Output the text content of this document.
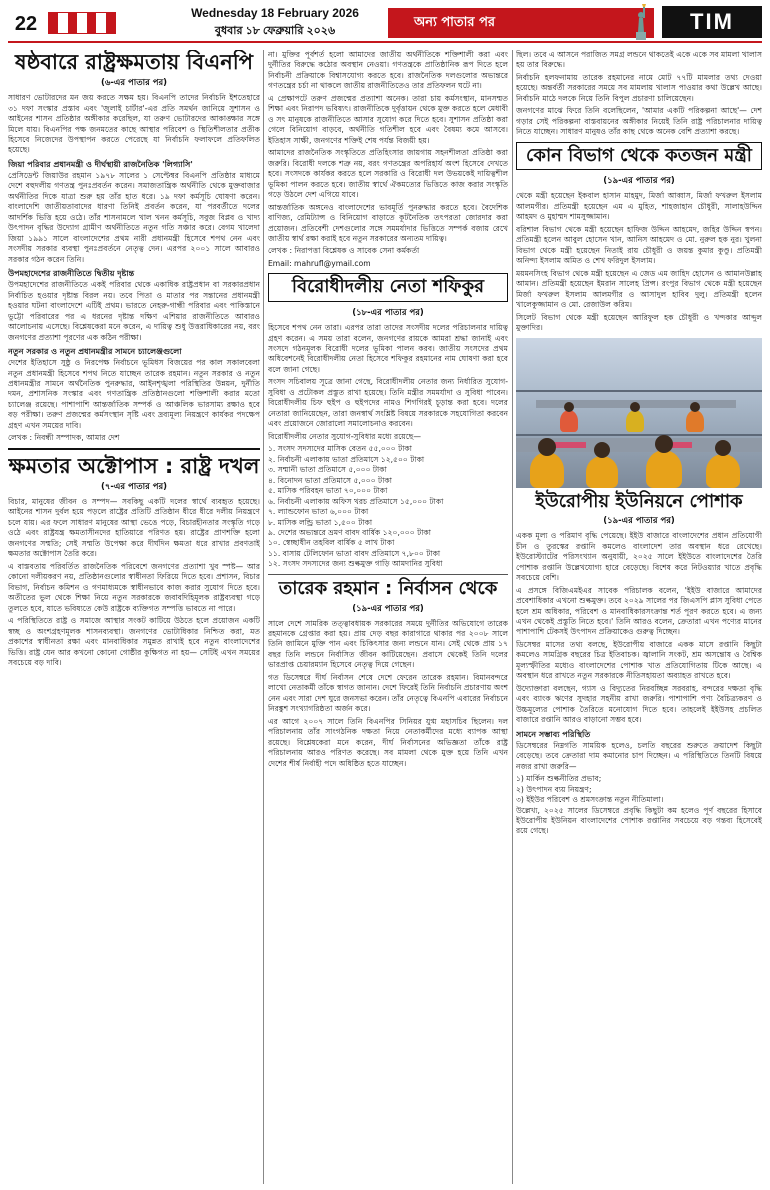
22	Wednesday 18 February 2026
বুধবার ১৮ ফেব্রুয়ারি ২০২৬
অন্য পাতার পর	TIM
ষষ্ঠবারে রাষ্ট্রক্ষমতায় বিএনপি
(৬-এর পাতার পর)

সাধারণ ভোটারদের মন জয় করতে সক্ষম হয়। বিএনপি তাদের নির্বাচনি ইশতেহারে ৩১ দফা সংস্কার প্রস্তাব এবং 'জুলাই চার্টার'-এর প্রতি সমর্থন জানিয়ে সুশাসন ও আইনের শাসন প্রতিষ্ঠার অঙ্গীকার করেছিল, যা তরুণ ভোটারদের আকাঙ্ক্ষার সঙ্গে মিলে যায়। বিএনপির পক্ষ জনমতের কাছে আস্থার পরিবেশ ও স্থিতিশীলতার প্রতীক হিসেবে নিজেদের উপস্থাপন করতে পেরেছে যা নির্বাচনি ফলাফলে প্রতিফলিত হয়েছে।

জিয়া পরিবার প্রধানমন্ত্রী ও দীর্ঘস্থায়ী রাজনৈতিক 'লিগ্যাসি'

প্রেসিডেন্ট জিয়াউর রহমান ১৯৭৮ সালের ১ সেপ্টেম্বর বিএনপি প্রতিষ্ঠার মাধ্যমে দেশে বহুদলীয় গণতন্ত্র পুনঃপ্রবর্তন করেন। সমাজতান্ত্রিক অর্থনীতি থেকে মুক্তবাজার অর্থনীতির দিকে যাত্রা শুরু হয় তাঁর হাত ধরে। ১৯ দফা কর্মসূচি ঘোষণা করেন। বাংলাদেশি জাতীয়তাবাদের ধারণা তিনিই প্রবর্তন করেন, যা পরবর্তীতে দলের আদর্শিক ভিত্তি হয়ে ওঠে। তাঁর শাসনামলে খাল খনন কর্মসূচি, সবুজ বিপ্লব ও খাদ্য উৎপাদন বৃদ্ধির উদ্যোগ গ্রামীণ অর্থনীতিতে নতুন গতি সঞ্চার করে। বেগম খালেদা জিয়া ১৯৯১ সালে বাংলাদেশের প্রথম নারী প্রধানমন্ত্রী হিসেবে শপথ নেন এবং সংসদীয় সরকার ব্যবস্থা পুনঃপ্রবর্তনে নেতৃত্ব দেন। এরপর ২০০১ সালে আবারও সরকার গঠন করেন তিনি।

উপমহাদেশের রাজনীতিতে দ্বিতীয় দৃষ্টান্ত

উপমহাদেশের রাজনীতিতে একই পরিবার থেকে একাধিক রাষ্ট্রপ্রধান বা সরকারপ্রধান নির্বাচিত হওয়ার দৃষ্টান্ত বিরল নয়। তবে পিতা ও মাতার পর সন্তানের প্রধানমন্ত্রী হওয়ার ঘটনা বাংলাদেশে এটিই প্রথম। ভারতে নেহরু-গান্ধী পরিবার এবং পাকিস্তানে ভুট্টো পরিবারের পর এ ধরনের দৃষ্টান্ত দক্ষিণ এশিয়ার রাজনীতিতে আবারও আলোচনায় এসেছে। বিশ্লেষকেরা মনে করেন, এ দায়িত্ব শুধু উত্তরাধিকারের নয়, বরং জনগণের প্রত্যাশা পূরণের এক কঠিন পরীক্ষা।

নতুন সরকার ও নতুন প্রধানমন্ত্রীর সামনে চ্যালেঞ্জগুলো

দেশের ইতিহাসে সুষ্ঠু ও নিরপেক্ষ নির্বাচনে ভূমিধস বিজয়ের পর কাল সকালবেলা নতুন প্রধানমন্ত্রী হিসেবে শপথ নিতে যাচ্ছেন তারেক রহমান। নতুন সরকার ও নতুন প্রধানমন্ত্রীর সামনে অর্থনৈতিক পুনরুদ্ধার, আইনশৃঙ্খলা পরিস্থিতির উন্নয়ন, দুর্নীতি দমন, প্রশাসনিক সংস্কার এবং গণতান্ত্রিক প্রতিষ্ঠানগুলো শক্তিশালী করার মতো চ্যালেঞ্জ রয়েছে। পাশাপাশি আন্তর্জাতিক সম্পর্ক ও আঞ্চলিক ভারসাম্য রক্ষাও হবে বড় পরীক্ষা। তরুণ প্রজন্মের কর্মসংস্থান সৃষ্টি এবং দ্রব্যমূল্য নিয়ন্ত্রণে কার্যকর পদক্ষেপ গ্রহণ এখন সময়ের দাবি।

লেখক : নিবন্ধী সম্পাদক, আমার দেশ

ক্ষমতার অক্টোপাস : রাষ্ট্র দখল
(৭-এর পাতার পর)

বিচার, মানুষের জীবন ও সম্পদ— সবকিছু একটি দলের স্বার্থে ব্যবহৃত হয়েছে। আইনের শাসন দুর্বল হয়ে পড়লে রাষ্ট্রের প্রতিটি প্রতিষ্ঠান ধীরে ধীরে দলীয় নিয়ন্ত্রণে চলে যায়। এর ফলে সাধারণ মানুষের আস্থা ভেঙে পড়ে, বিচারহীনতার সংস্কৃতি গড়ে ওঠে এবং রাষ্ট্রযন্ত্র ক্ষমতাসীনদের হাতিয়ারে পরিণত হয়। রাষ্ট্রের প্রাণশক্তি হলো জনগণের সম্মতি; সেই সম্মতি উপেক্ষা করে দীর্ঘদিন ক্ষমতা ধরে রাখার প্রবণতাই ক্ষমতার অক্টোপাস তৈরি করে।

এ বাস্তবতায় পরিবর্তিত রাজনৈতিক পরিবেশে জনগণের প্রত্যাশা খুব স্পষ্ট— আর কোনো দলীয়করণ নয়, প্রতিষ্ঠানগুলোর স্বাধীনতা ফিরিয়ে দিতে হবে। প্রশাসন, বিচার বিভাগ, নির্বাচন কমিশন ও গণমাধ্যমকে স্বাধীনভাবে কাজ করার সুযোগ দিতে হবে। অতীতের ভুল থেকে শিক্ষা নিয়ে নতুন সরকারকে জবাবদিহিমূলক রাষ্ট্রব্যবস্থা গড়ে তুলতে হবে, যাতে ভবিষ্যতে কেউ রাষ্ট্রকে ব্যক্তিগত সম্পত্তি ভাবতে না পারে।

এ পরিস্থিতিতে রাষ্ট্র ও সমাজে আস্থার সংকট কাটিয়ে উঠতে হলে প্রয়োজন একটি স্বচ্ছ ও অংশগ্রহণমূলক শাসনব্যবস্থা। জনগণের ভোটাধিকার নিশ্চিত করা, মত প্রকাশের স্বাধীনতা রক্ষা এবং মানবাধিকার সমুন্নত রাখাই হবে নতুন বাংলাদেশের ভিত্তি। রাষ্ট্র যেন আর কখনো কোনো গোষ্ঠীর কুক্ষিগত না হয়— সেটিই এখন সময়ের সবচেয়ে বড় দাবি।

না। মুক্তির পূর্বশর্ত হলো আমাদের জাতীয় অর্থনীতিকে শক্তিশালী করা এবং দুর্নীতির বিরুদ্ধে কঠোর অবস্থান নেওয়া। গণতন্ত্রকে প্রাতিষ্ঠানিক রূপ দিতে হলে নির্বাচনী প্রক্রিয়াকে বিশ্বাসযোগ্য করতে হবে। রাজনৈতিক দলগুলোর অভ্যন্তরে গণতন্ত্রের চর্চা না থাকলে জাতীয় রাজনীতিতেও তার প্রতিফলন ঘটে না।

এ প্রেক্ষাপটে তরুণ প্রজন্মের প্রত্যাশা অনেক। তারা চায় কর্মসংস্থান, মানসম্মত শিক্ষা এবং নিরাপদ ভবিষ্যৎ। রাজনীতিকে দুর্বৃত্তায়ন থেকে মুক্ত করতে হলে মেধাবী ও সৎ মানুষকে রাজনীতিতে আসার সুযোগ করে দিতে হবে। সুশাসন প্রতিষ্ঠা করা গেলে বিনিয়োগ বাড়বে, অর্থনীতি গতিশীল হবে এবং বৈষম্য কমে আসবে। ইতিহাস সাক্ষী, জনগণের শক্তিই শেষ পর্যন্ত বিজয়ী হয়।

আমাদের রাজনৈতিক সংস্কৃতিতে প্রতিহিংসার জায়গায় সহনশীলতা প্রতিষ্ঠা করা জরুরি। বিরোধী দলকে শত্রু নয়, বরং গণতন্ত্রের অপরিহার্য অংশ হিসেবে দেখতে হবে। সংসদকে কার্যকর করতে হলে সরকারি ও বিরোধী দল উভয়কেই দায়িত্বশীল ভূমিকা পালন করতে হবে। জাতীয় স্বার্থে ঐকমত্যের ভিত্তিতে কাজ করার সংস্কৃতি গড়ে উঠলে দেশ এগিয়ে যাবে।

আন্তর্জাতিক অঙ্গনেও বাংলাদেশের ভাবমূর্তি পুনরুদ্ধার করতে হবে। বৈদেশিক বাণিজ্য, রেমিট্যান্স ও বিনিয়োগ বাড়াতে কূটনৈতিক তৎপরতা জোরদার করা প্রয়োজন। প্রতিবেশী দেশগুলোর সঙ্গে সমমর্যাদার ভিত্তিতে সম্পর্ক বজায় রেখে জাতীয় স্বার্থ রক্ষা করাই হবে নতুন সরকারের অন্যতম দায়িত্ব।

লেখক : নিরাপত্তা বিশ্লেষক ও সাবেক সেনা কর্মকর্তা

Email: mahrufl@ymail.com
বিরোধীদলীয় নেতা শফিকুর
(১৮-এর পাতার পর)

হিসেবে শপথ নেন তারা। এরপর তারা তাদের সংসদীয় দলের পরিচালনার দায়িত্ব গ্রহণ করেন। এ সময় তারা বলেন, জনগণের রায়কে আমরা শ্রদ্ধা জানাই এবং সংসদে গঠনমূলক বিরোধী দলের ভূমিকা পালন করব। জাতীয় সংসদের প্রথম অধিবেশনেই বিরোধীদলীয় নেতা হিসেবে শফিকুর রহমানের নাম ঘোষণা করা হবে বলে জানা গেছে।

সংসদ সচিবালয় সূত্রে জানা গেছে, বিরোধীদলীয় নেতার জন্য নির্ধারিত সুযোগ-সুবিধা ও প্রটোকল প্রস্তুত রাখা হয়েছে। তিনি মন্ত্রীর সমমর্যাদা ও সুবিধা পাবেন। বিরোধীদলীয় চিফ হুইপ ও হুইপদের নামও শিগগিরই চূড়ান্ত করা হবে। দলের নেতারা জানিয়েছেন, তারা জনস্বার্থ সংশ্লিষ্ট বিষয়ে সরকারকে সহযোগিতা করবেন এবং প্রয়োজনে জোরালো সমালোচনাও করবেন।

বিরোধীদলীয় নেতার সুযোগ-সুবিধার মধ্যে রয়েছে—

১. সংসদ সদস্যদের মাসিক বেতন ৫৫,০০০ টাকা
২. নির্বাচনী এলাকায় ভাতা প্রতিমাসে ১২,৫০০ টাকা
৩. সম্মানী ভাতা প্রতিমাসে ৫,০০০ টাকা
৪. বিনোদন ভাতা প্রতিমাসে ৫,০০০ টাকা
৫. মাসিক পরিবহন ভাতা ৭০,০০০ টাকা
৬. নির্বাচনী এলাকায় অফিস খরচ প্রতিমাসে ১৫,০০০ টাকা
৭. ল্যান্ডফোন ভাতা ৬,০০০ টাকা
৮. মাসিক লন্ড্রি ভাতা ১,৫০০ টাকা
৯. দেশের অভ্যন্তরে ভ্রমণ বাবদ বার্ষিক ১২০,০০০ টাকা
১০. স্বেচ্ছাধীন তহবিল বার্ষিক ৫ লাখ টাকা
১১. বাসায় টেলিফোন ভাতা বাবদ প্রতিমাসে ৭,৮০০ টাকা
১২. সংসদ সদস্যদের জন্য শুল্কমুক্ত গাড়ি আমদানির সুবিধা
তারেক রহমান : নির্বাসন থেকে
(১৯-এর পাতার পর)

সালে দেশে সামরিক তত্ত্বাবধায়ক সরকারের সময়ে দুর্নীতির অভিযোগে তারেক রহমানকে গ্রেপ্তার করা হয়। প্রায় দেড় বছর কারাগারে থাকার পর ২০০৮ সালে তিনি জামিনে মুক্তি পান এবং চিকিৎসার জন্য লন্ডনে যান। সেই থেকে প্রায় ১৭ বছর তিনি লন্ডনে নির্বাসিত জীবন কাটিয়েছেন। প্রবাসে থেকেই তিনি দলের ভারপ্রাপ্ত চেয়ারম্যান হিসেবে নেতৃত্ব দিয়ে গেছেন।

গত ডিসেম্বরে দীর্ঘ নির্বাসন শেষে দেশে ফেরেন তারেক রহমান। বিমানবন্দরে লাখো নেতাকর্মী তাঁকে স্বাগত জানান। দেশে ফিরেই তিনি নির্বাচনি প্রচারণায় অংশ নেন এবং সারা দেশ ঘুরে জনসভা করেন। তাঁর নেতৃত্বে বিএনপি এবারের নির্বাচনে নিরঙ্কুশ সংখ্যাগরিষ্ঠতা অর্জন করে।

এর আগে ২০০৭ সালে তিনি বিএনপির সিনিয়র যুগ্ম মহাসচিব ছিলেন। দল পরিচালনায় তাঁর সাংগঠনিক দক্ষতা নিয়ে নেতাকর্মীদের মধ্যে ব্যাপক আস্থা রয়েছে। বিশ্লেষকেরা মনে করেন, দীর্ঘ নির্বাসনের অভিজ্ঞতা তাঁকে রাষ্ট্র পরিচালনায় আরও পরিণত করেছে। সব মামলা থেকে মুক্ত হয়ে তিনি এখন দেশের শীর্ষ নির্বাহী পদে অধিষ্ঠিত হতে যাচ্ছেন।

ছিল। তবে এ আসনে পরাজিত সমগ্র লন্ডনে থাকতেই একে একে সব মামলা খালাস হয় তার বিরুদ্ধে।

নির্বাচনি হলফনামায় তারেক রহমানের নামে মোট ৭৭টি মামলার তথ্য দেওয়া হয়েছে। অন্তর্বর্তী সরকারের সময়ে সব মামলায় খালাস পাওয়ার কথা উল্লেখ আছে। নির্বাচনি মাঠে দলকে নিয়ে তিনি বিপুল প্রচারণা চালিয়েছেন।

জনগণের মাঝে ফিরে তিনি বলেছিলেন, 'আমার একটি পরিকল্পনা আছে'— দেশ গড়ার সেই পরিকল্পনা বাস্তবায়নের অঙ্গীকার নিয়েই তিনি রাষ্ট্র পরিচালনার দায়িত্ব নিতে যাচ্ছেন। সাধারণ মানুষও তাঁর কাছ থেকে অনেক বেশি প্রত্যাশা করছে।

কোন বিভাগ থেকে কতজন মন্ত্রী
(১৯-এর পাতার পর)

থেকে মন্ত্রী হয়েছেন ইকবাল হাসান মাহমুদ, মির্জা আব্বাস, মির্জা ফখরুল ইসলাম আলমগীর। প্রতিমন্ত্রী হয়েছেন এম এ মুহিত, শাহজাহান চৌধুরী, সালাহউদ্দিন আহমদ ও মুহাম্মদ শামসুজ্জামান।

বরিশাল বিভাগ থেকে মন্ত্রী হয়েছেন হাফিজ উদ্দিন আহমেদ, জহির উদ্দিন স্বপন। প্রতিমন্ত্রী হলেন আবুল হোসেন খান, আনিস আহমেদ ও মো. নুরুল হক নুর। খুলনা বিভাগ থেকে মন্ত্রী হয়েছেন নিতাই রায় চৌধুরী ও জয়ন্ত কুমার কুণ্ডু। প্রতিমন্ত্রী অনিন্দ্য ইসলাম অমিত ও শেখ ফরিদুল ইসলাম।

ময়মনসিংহ বিভাগ থেকে মন্ত্রী হয়েছেন এ জেড এম জাহিদ হোসেন ও আমানউল্লাহ আমান। প্রতিমন্ত্রী হয়েছেন ইমরান সালেহ প্রিন্স। রংপুর বিভাগ থেকে মন্ত্রী হয়েছেন মির্জা ফখরুল ইসলাম আলমগীর ও আসাদুল হাবিব দুলু। প্রতিমন্ত্রী হলেন খালেকুজ্জামান ও মো. রেজাউল করিম।

সিলেট বিভাগ থেকে মন্ত্রী হয়েছেন আরিফুল হক চৌধুরী ও খন্দকার আব্দুল মুক্তাদির।

ইউরোপীয় ইউনিয়নে পোশাক
(১৯-এর পাতার পর)

একক মূল্য ও পরিমাণ বৃদ্ধি পেয়েছে। ইইউ বাজারে বাংলাদেশের প্রধান প্রতিযোগী চীন ও তুরস্কের রপ্তানি কমলেও বাংলাদেশ তার অবস্থান ধরে রেখেছে। ইউরোস্ট্যাটের পরিসংখ্যান অনুযায়ী, ২০২৫ সালে ইইউতে বাংলাদেশের তৈরি পোশাক রপ্তানি উল্লেখযোগ্য হারে বেড়েছে। বিশেষ করে নিটওয়্যার খাতে প্রবৃদ্ধি সবচেয়ে বেশি।

এ প্রসঙ্গে বিজিএমইএর সাবেক পরিচালক বলেন, 'ইইউ বাজারে আমাদের প্রবেশাধিকার এখনো শুল্কমুক্ত। তবে ২০২৯ সালের পর জিএসপি প্লাস সুবিধা পেতে হলে শ্রম অধিকার, পরিবেশ ও মানবাধিকারসংক্রান্ত শর্ত পূরণ করতে হবে। এ জন্য এখন থেকেই প্রস্তুতি নিতে হবে।' তিনি আরও বলেন, ক্রেতারা এখন পণ্যের মানের পাশাপাশি টেকসই উৎপাদন প্রক্রিয়াকেও গুরুত্ব দিচ্ছেন।

ডিসেম্বর মাসের তথ্য বলছে, ইউরোপীয় বাজারে একক মাসে রপ্তানি কিছুটা কমলেও সামগ্রিক বছরের চিত্র ইতিবাচক। জ্বালানি সংকট, শ্রম অসন্তোষ ও বৈশ্বিক মূল্যস্ফীতির মধ্যেও বাংলাদেশের পোশাক খাত প্রতিযোগিতায় টিকে আছে। এ অবস্থান ধরে রাখতে নতুন সরকারকে নীতিসহায়তা অব্যাহত রাখতে হবে।

উদ্যোক্তারা বলছেন, গ্যাস ও বিদ্যুতের নিরবচ্ছিন্ন সরবরাহ, বন্দরের দক্ষতা বৃদ্ধি এবং ব্যাংক ঋণের সুদহার সহনীয় রাখা জরুরি। পাশাপাশি পণ্য বৈচিত্র্যকরণ ও উচ্চমূল্যের পোশাক তৈরিতে মনোযোগ দিতে হবে। তাহলেই ইইউসহ প্রচলিত বাজারে রপ্তানি আরও বাড়ানো সম্ভব হবে।

সামনে সম্ভাব্য পরিস্থিতি

ডিসেম্বরের নিম্নগতি সাময়িক হলেও, চলতি বছরের শুরুতে ক্রয়াদেশ কিছুটা বেড়েছে। তবে ক্রেতারা দাম কমানোর চাপ দিচ্ছেন। এ পরিস্থিতিতে তিনটি বিষয়ে নজর রাখা জরুরি—

১) মার্কিন শুল্কনীতির প্রভাব;
২) উৎপাদন ব্যয় নিয়ন্ত্রণ;
৩) ইইউর পরিবেশ ও শ্রমসংক্রান্ত নতুন নীতিমালা।

উল্লেখ্য, ২০২৫ সালের ডিসেম্বরে প্রবৃদ্ধি কিছুটা কম হলেও পূর্ণ বছরের হিসাবে ইউরোপীয় ইউনিয়ন বাংলাদেশের পোশাক রপ্তানির সবচেয়ে বড় গন্তব্য হিসেবেই রয়ে গেছে।
